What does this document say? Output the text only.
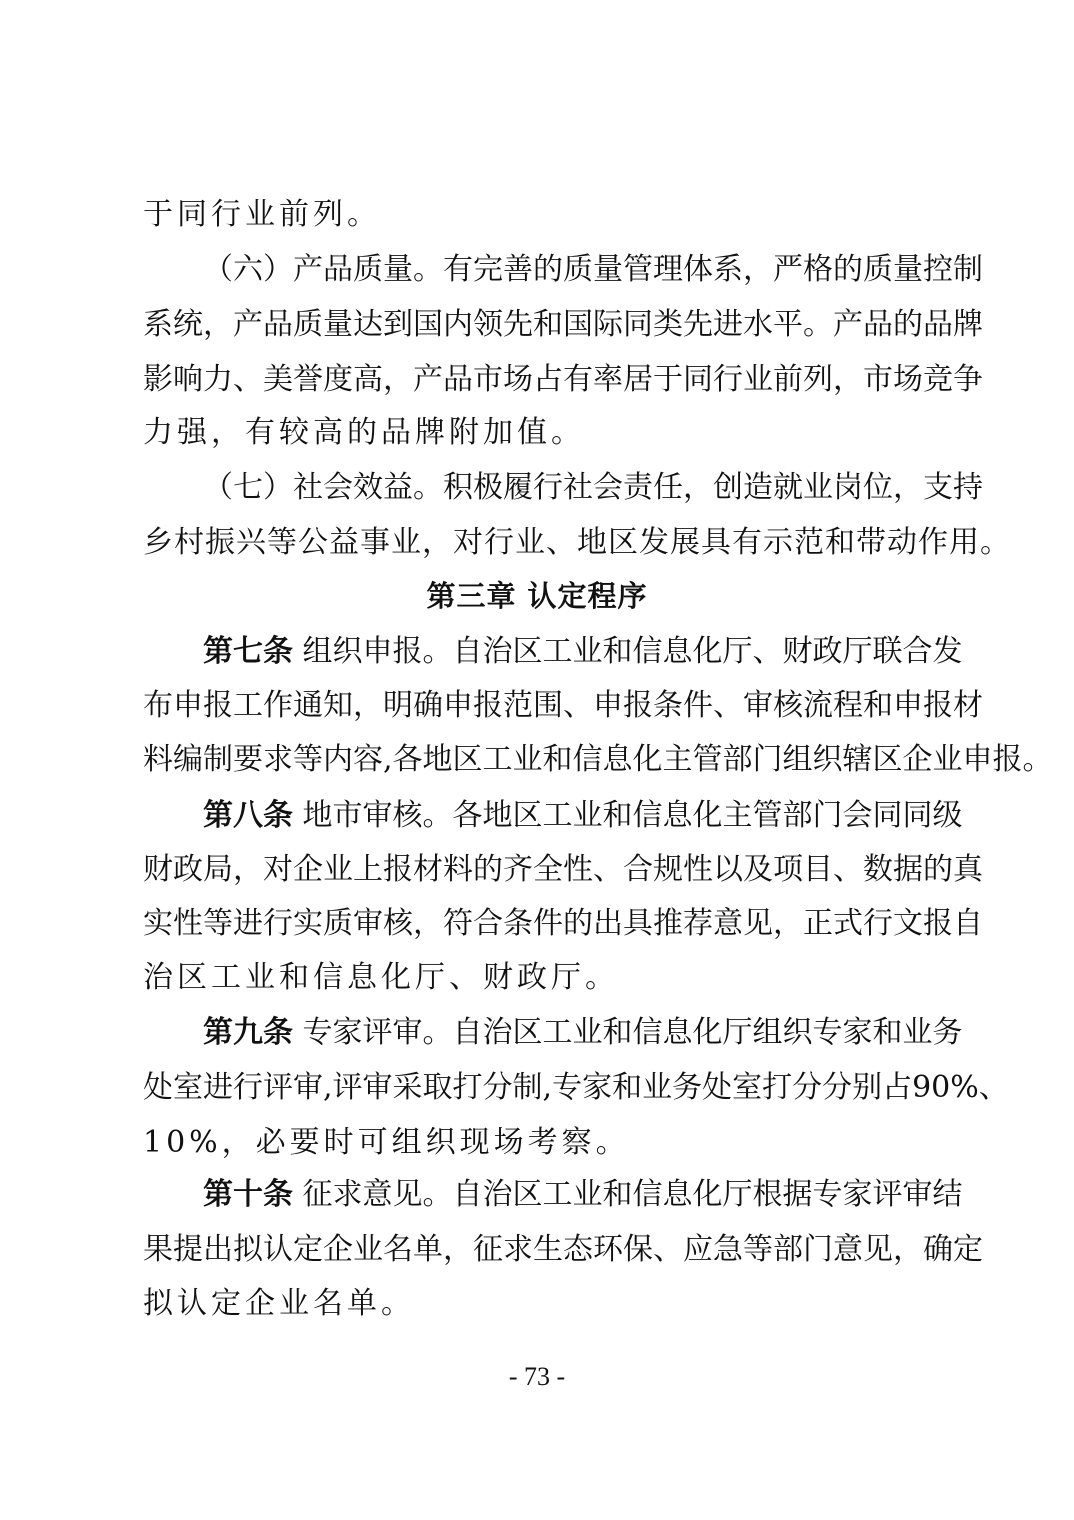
于同行业前列。
（六）产品质量。有完善的质量管理体系，严格的质量控制
系统，产品质量达到国内领先和国际同类先进水平。产品的品牌
影响力、美誉度高，产品市场占有率居于同行业前列，市场竞争
力强，有较高的品牌附加值。
（七）社会效益。积极履行社会责任，创造就业岗位，支持
乡村振兴等公益事业，对行业、地区发展具有示范和带动作用。
第三章 认定程序
第七条 组织申报。自治区工业和信息化厅、财政厅联合发
布申报工作通知，明确申报范围、申报条件、审核流程和申报材
料编制要求等内容,各地区工业和信息化主管部门组织辖区企业申报。
第八条 地市审核。各地区工业和信息化主管部门会同同级
财政局，对企业上报材料的齐全性、合规性以及项目、数据的真
实性等进行实质审核，符合条件的出具推荐意见，正式行文报自
治区工业和信息化厅、财政厅。
第九条 专家评审。自治区工业和信息化厅组织专家和业务
处室进行评审,评审采取打分制,专家和业务处室打分分别占90%、
10%，必要时可组织现场考察。
第十条 征求意见。自治区工业和信息化厅根据专家评审结
果提出拟认定企业名单，征求生态环保、应急等部门意见，确定
拟认定企业名单。
- 73 -
